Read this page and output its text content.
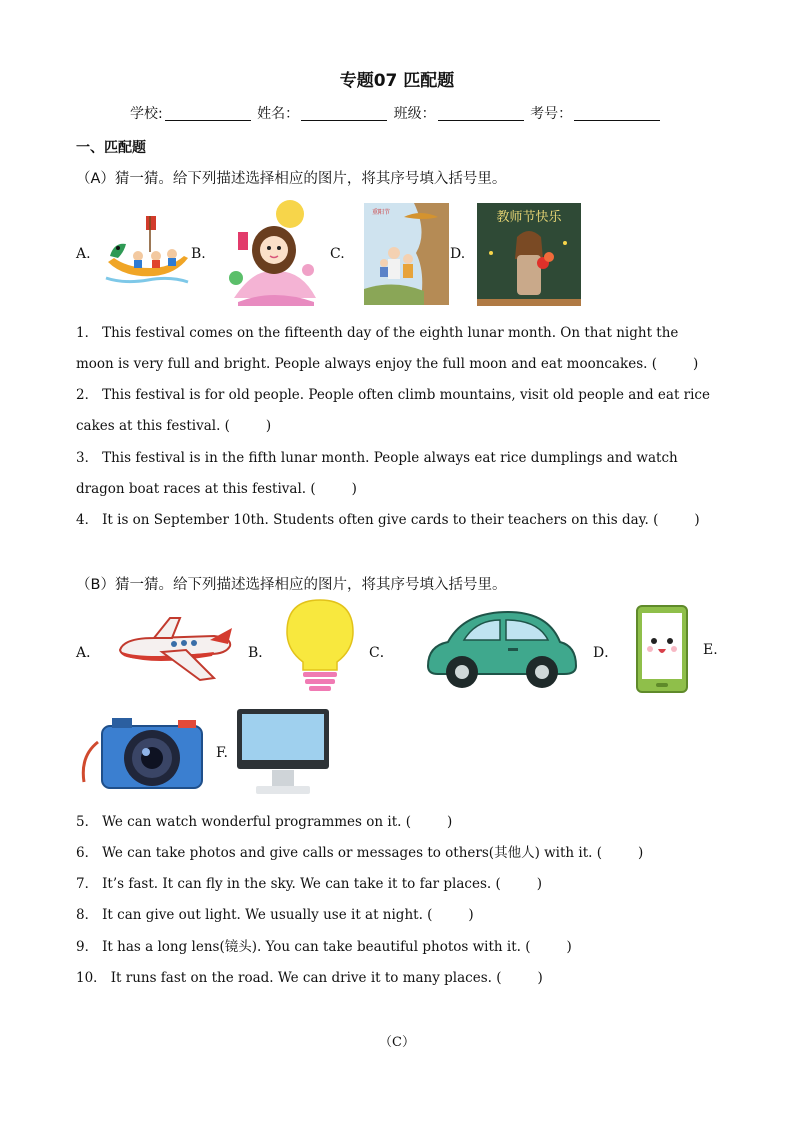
专题07 匹配题
学校:	姓名：	班级：	考号：
一、匹配题
（A）猜一猜。给下列描述选择相应的图片，将其序号填入括号里。
A.	B.	C.
重阳节
D.
教师节快乐
1． This festival comes on the fifteenth day of the eighth lunar month. On that night the moon is very full and bright. People always enjoy the full moon and eat mooncakes. (	)
2． This festival is for old people. People often climb mountains, visit old people and eat rice cakes at this festival. (	)
3． This festival is in the fifth lunar month. People always eat rice dumplings and watch dragon boat races at this festival. (	)
4． It is on September 10th. Students often give cards to their teachers on this day. (	)
（B）猜一猜。给下列描述选择相应的图片，将其序号填入括号里。
A．	B．	C．	D．	E.
F.
5． We can watch wonderful programmes on it. (	)
6． We can take photos and give calls or messages to others(其他人) with it. (	)
7． It’s fast. It can fly in the sky. We can take it to far places. (	)
8． It can give out light. We usually use it at night. (	)
9． It has a long lens(镜头). You can take beautiful photos with it. (	)
10． It runs fast on the road. We can drive it to many places. (	)
（C）
